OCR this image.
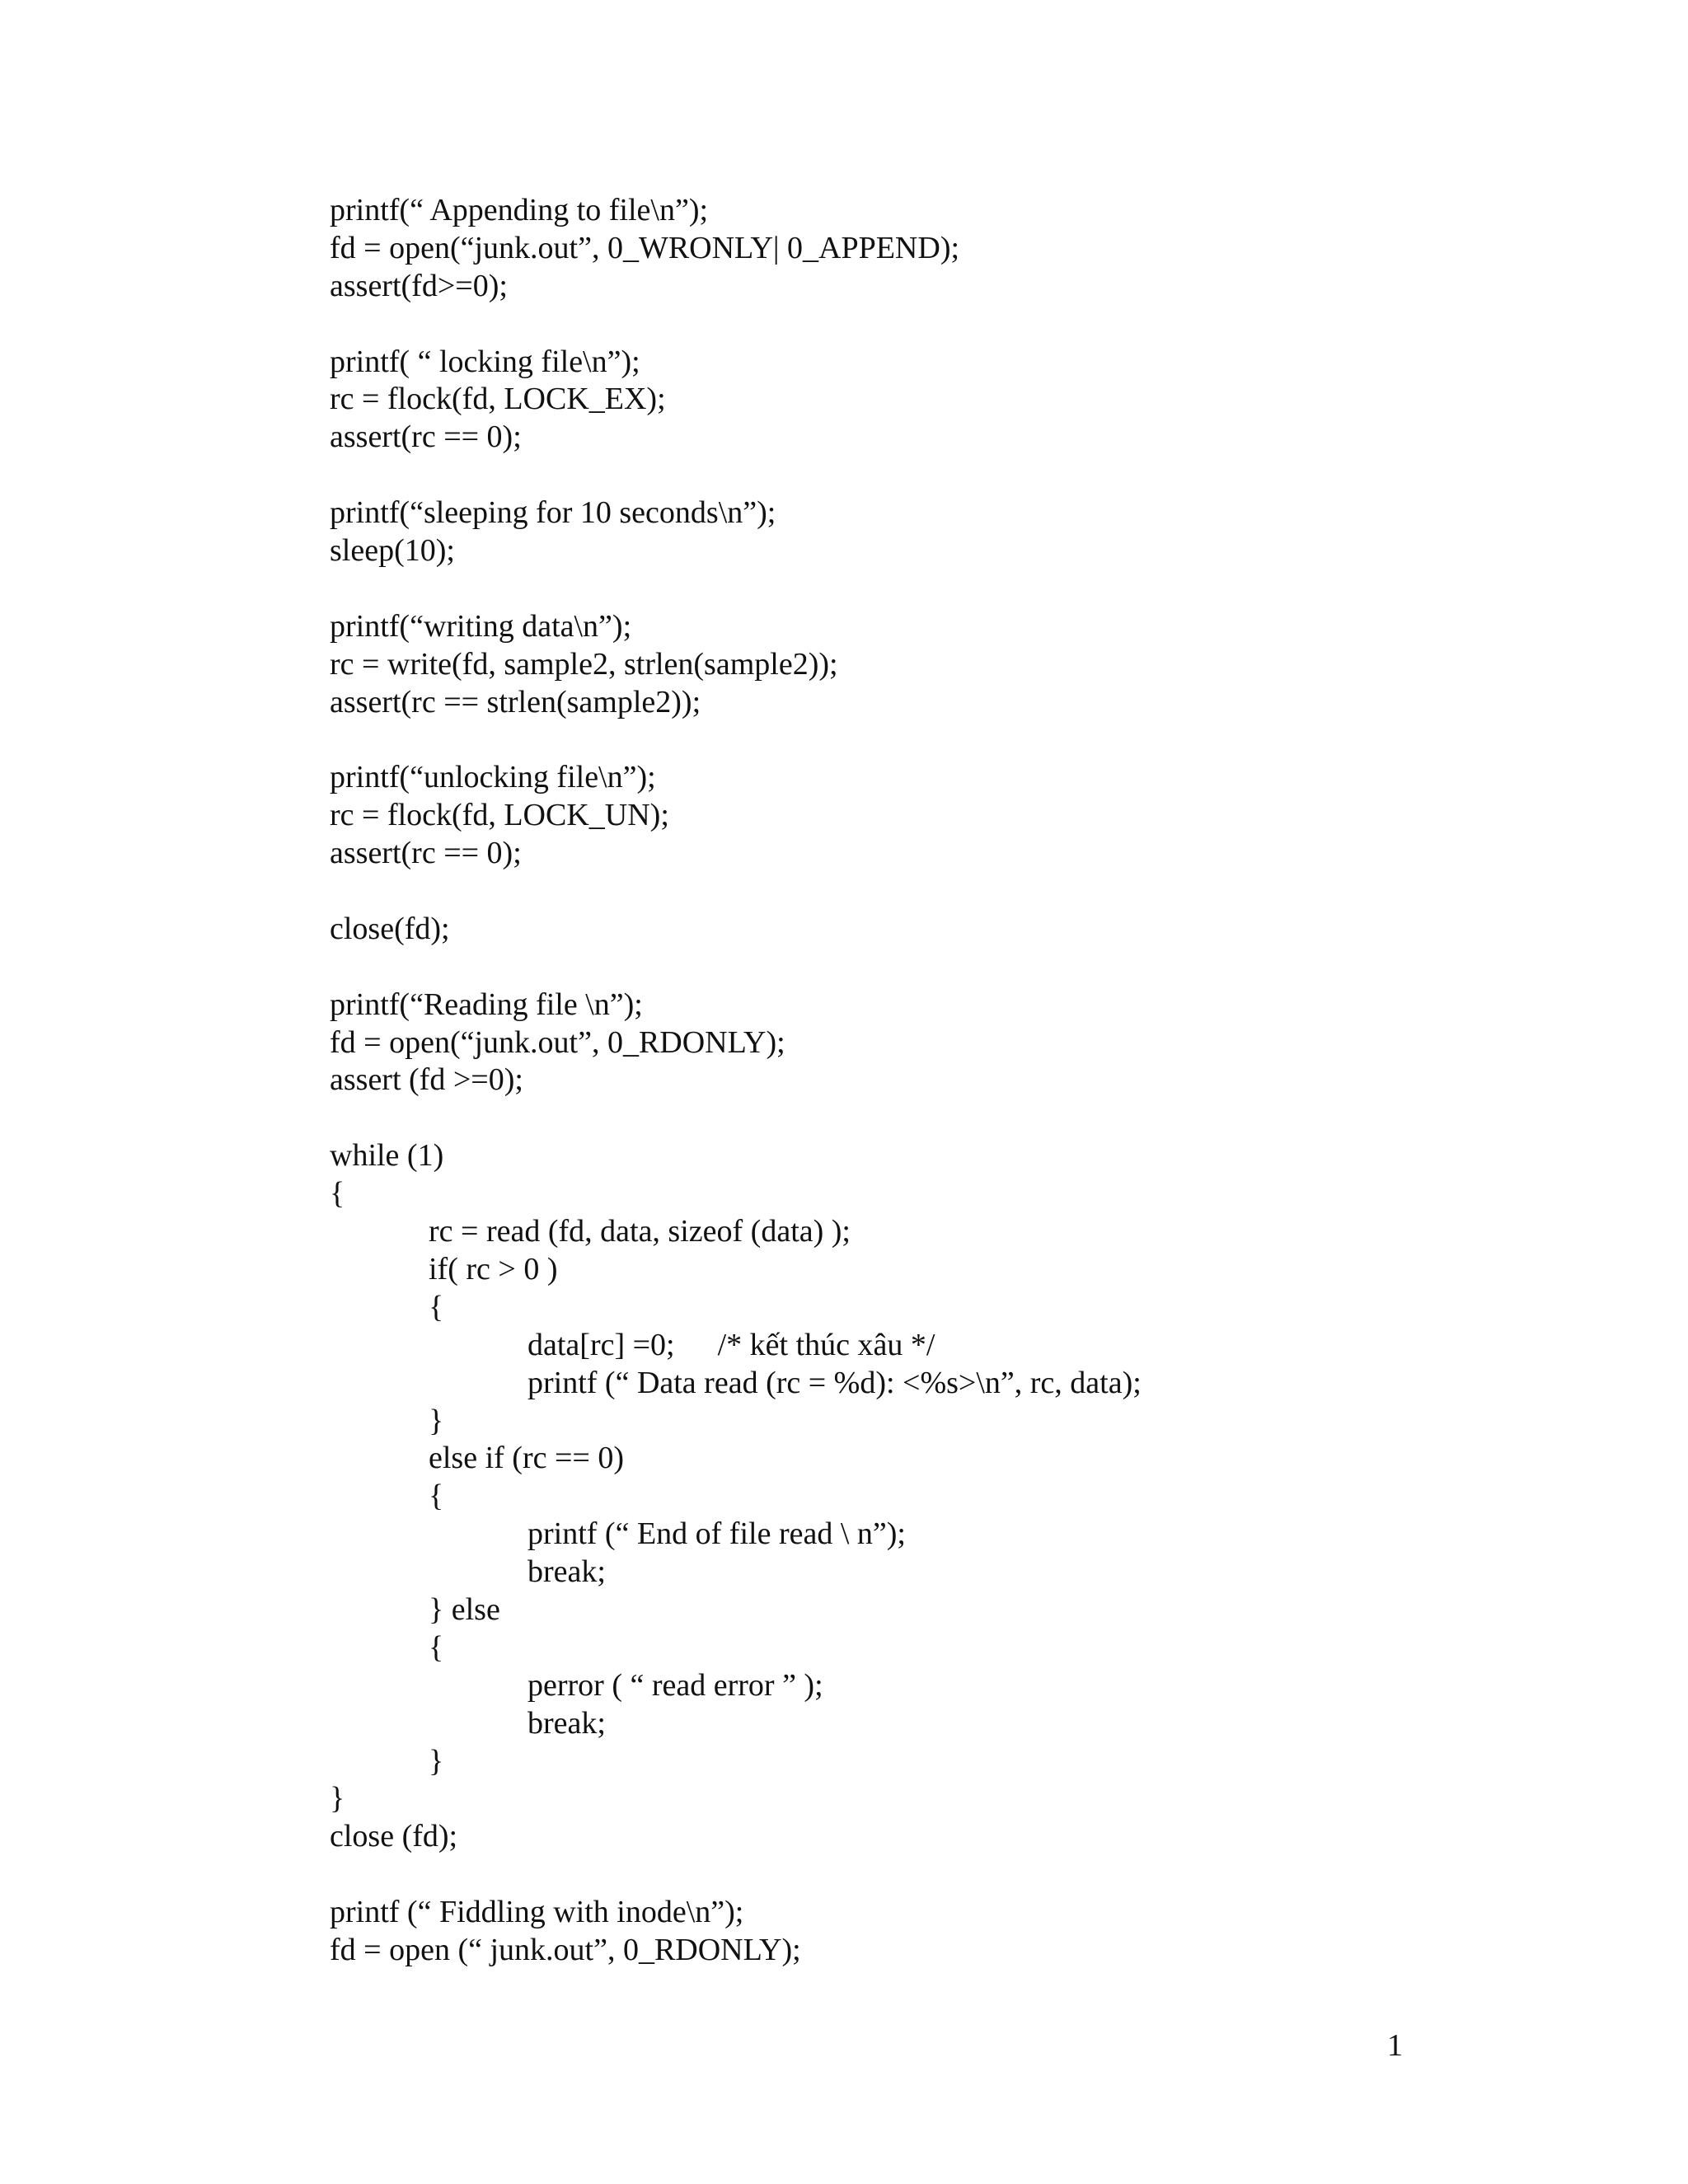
printf(“ Appending to file\n”);
fd = open(“junk.out”, 0_WRONLY| 0_APPEND);
assert(fd>=0);
printf( “ locking file\n”);
rc = flock(fd, LOCK_EX);
assert(rc == 0);
printf(“sleeping for 10 seconds\n”);
sleep(10);
printf(“writing data\n”);
rc = write(fd, sample2, strlen(sample2));
assert(rc == strlen(sample2));
printf(“unlocking file\n”);
rc = flock(fd, LOCK_UN);
assert(rc == 0);
close(fd);
printf(“Reading file \n”);
fd = open(“junk.out”, 0_RDONLY);
assert (fd >=0);
while (1)
{
rc = read (fd, data, sizeof (data) );
if( rc > 0 )
{
data[rc] =0; /* kết thúc xâu */
printf (“ Data read (rc = %d): <%s>\n”, rc, data);
}
else if (rc == 0)
{
printf (“ End of file read \ n”);
break;
} else
{
perror ( “ read error ” );
break;
}
}
close (fd);
printf (“ Fiddling with inode\n”);
fd = open (“ junk.out”, 0_RDONLY);
1
